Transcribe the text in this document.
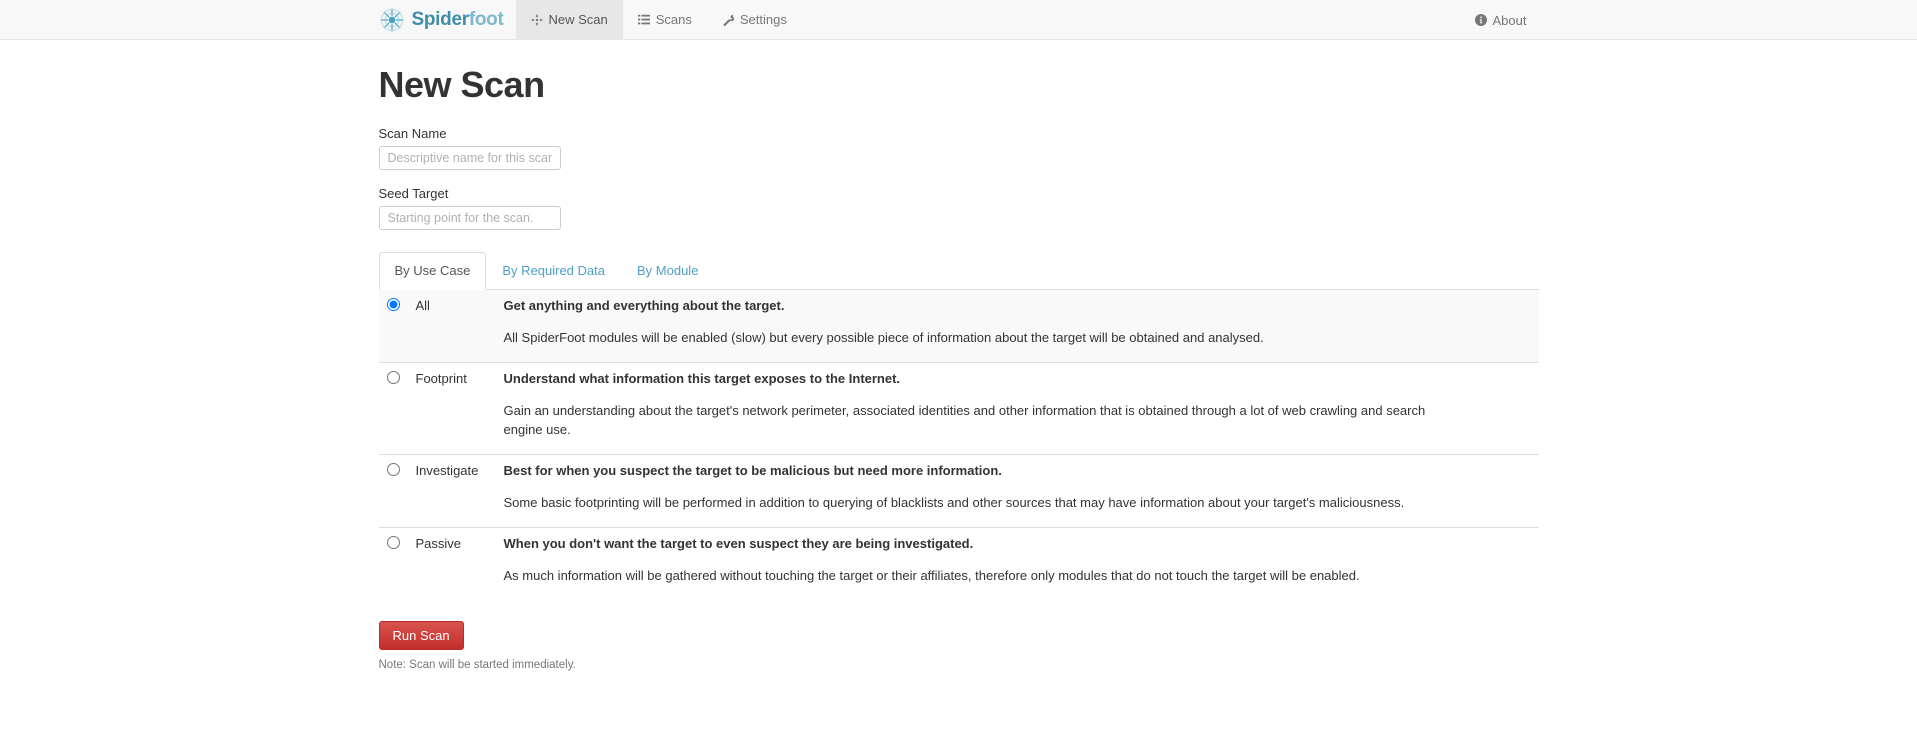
Spiderfoot	New Scan	Scans	Settings	About
New Scan
Scan Name
Descriptive name for this scan.
Seed Target
Starting point for the scan.
By Use Case	By Required Data	By Module
	All	Get anything and everything about the target.

All SpiderFoot modules will be enabled (slow) but every possible piece of information about the target will be obtained and analysed.

	Footprint	Understand what information this target exposes to the Internet.

Gain an understanding about the target's network perimeter, associated identities and other information that is obtained through a lot of web crawling and search engine use.

	Investigate	Best for when you suspect the target to be malicious but need more information.

Some basic footprinting will be performed in addition to querying of blacklists and other sources that may have information about your target's maliciousness.

	Passive	When you don't want the target to even suspect they are being investigated.

As much information will be gathered without touching the target or their affiliates, therefore only modules that do not touch the target will be enabled.

Run Scan
Note: Scan will be started immediately.
